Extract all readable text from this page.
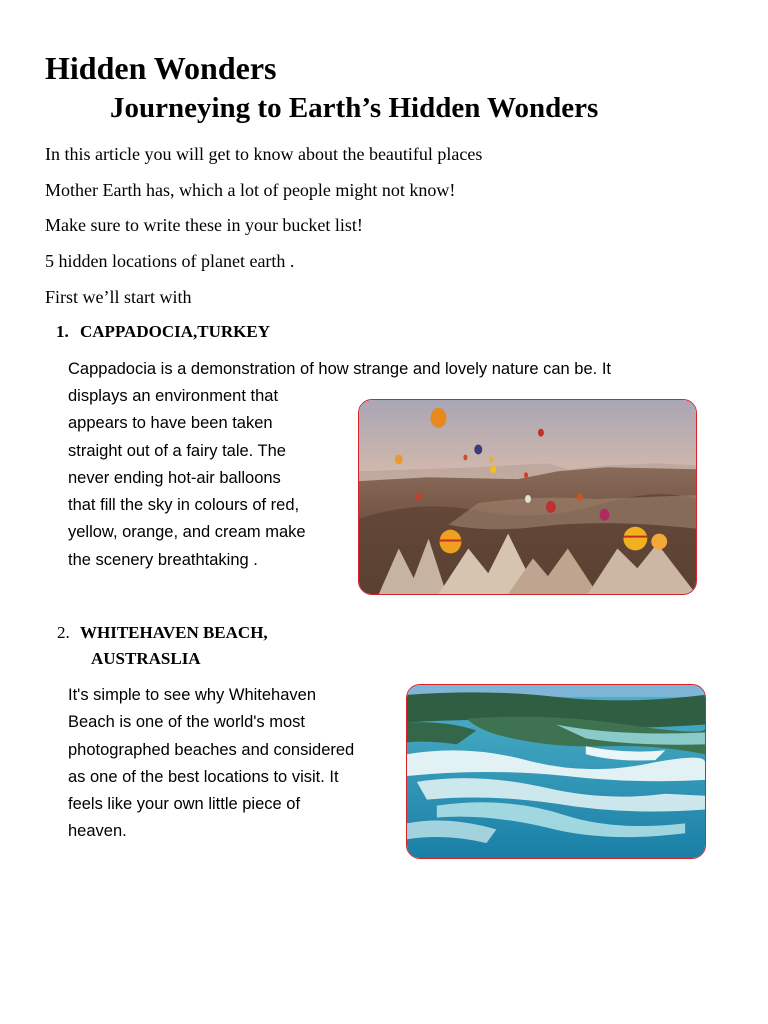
Hidden Wonders
Journeying to Earth’s Hidden Wonders
In this article you will get to know about the beautiful places
Mother Earth has, which a lot of people might not know!
Make sure to write these in your bucket list!
5 hidden locations of planet earth .
First we’ll start with
1. CAPPADOCIA,TURKEY
Cappadocia is a demonstration of how strange and lovely nature can be. It
displays an environment that
appears to have been taken
straight out of a fairy tale. The
never ending hot-air balloons
that fill the sky in colours of red,
yellow, orange, and cream make
the scenery breathtaking .
2. WHITEHAVEN BEACH,
AUSTRASLIA
It's simple to see why Whitehaven
Beach is one of the world's most
photographed beaches and considered
as one of the best locations to visit. It
feels like your own little piece of
heaven.
